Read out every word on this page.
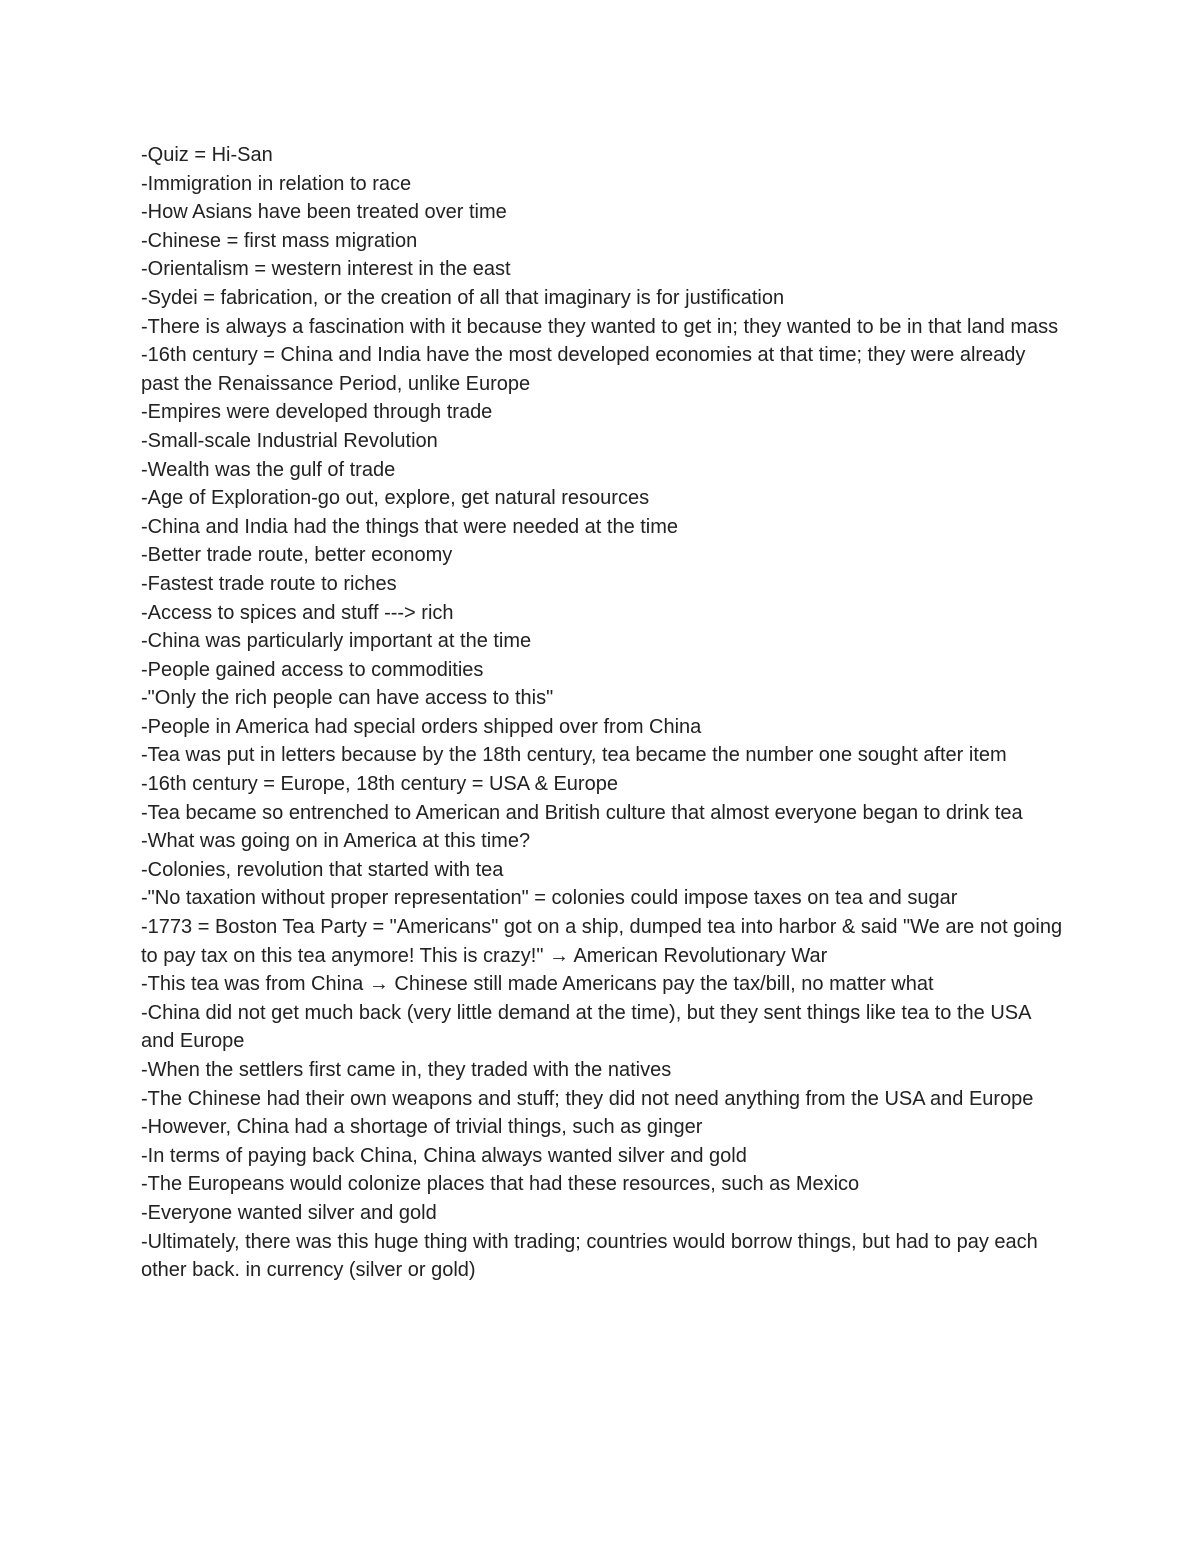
-Quiz = Hi-San

-Immigration in relation to race

-How Asians have been treated over time

-Chinese = first mass migration

-Orientalism = western interest in the east

-Sydei = fabrication, or the creation of all that imaginary is for justification

-There is always a fascination with it because they wanted to get in; they wanted to be in that land mass

-16th century = China and India have the most developed economies at that time; they were already past the Renaissance Period, unlike Europe

-Empires were developed through trade

-Small-scale Industrial Revolution

-Wealth was the gulf of trade

-Age of Exploration-go out, explore, get natural resources

-China and India had the things that were needed at the time

-Better trade route, better economy

-Fastest trade route to riches

-Access to spices and stuff ---> rich

-China was particularly important at the time

-People gained access to commodities

-"Only the rich people can have access to this"

-People in America had special orders shipped over from China

-Tea was put in letters because by the 18th century, tea became the number one sought after item

-16th century = Europe, 18th century = USA & Europe

-Tea became so entrenched to American and British culture that almost everyone began to drink tea

-What was going on in America at this time?

-Colonies, revolution that started with tea

-"No taxation without proper representation" = colonies could impose taxes on tea and sugar

-1773 = Boston Tea Party = "Americans" got on a ship, dumped tea into harbor & said "We are not going to pay tax on this tea anymore! This is crazy!" → American Revolutionary War

-This tea was from China → Chinese still made Americans pay the tax/bill, no matter what

-China did not get much back (very little demand at the time), but they sent things like tea to the USA and Europe

-When the settlers first came in, they traded with the natives

-The Chinese had their own weapons and stuff; they did not need anything from the USA and Europe

-However, China had a shortage of trivial things, such as ginger

-In terms of paying back China, China always wanted silver and gold

-The Europeans would colonize places that had these resources, such as Mexico

-Everyone wanted silver and gold

-Ultimately, there was this huge thing with trading; countries would borrow things, but had to pay each other back. in currency (silver or gold)
